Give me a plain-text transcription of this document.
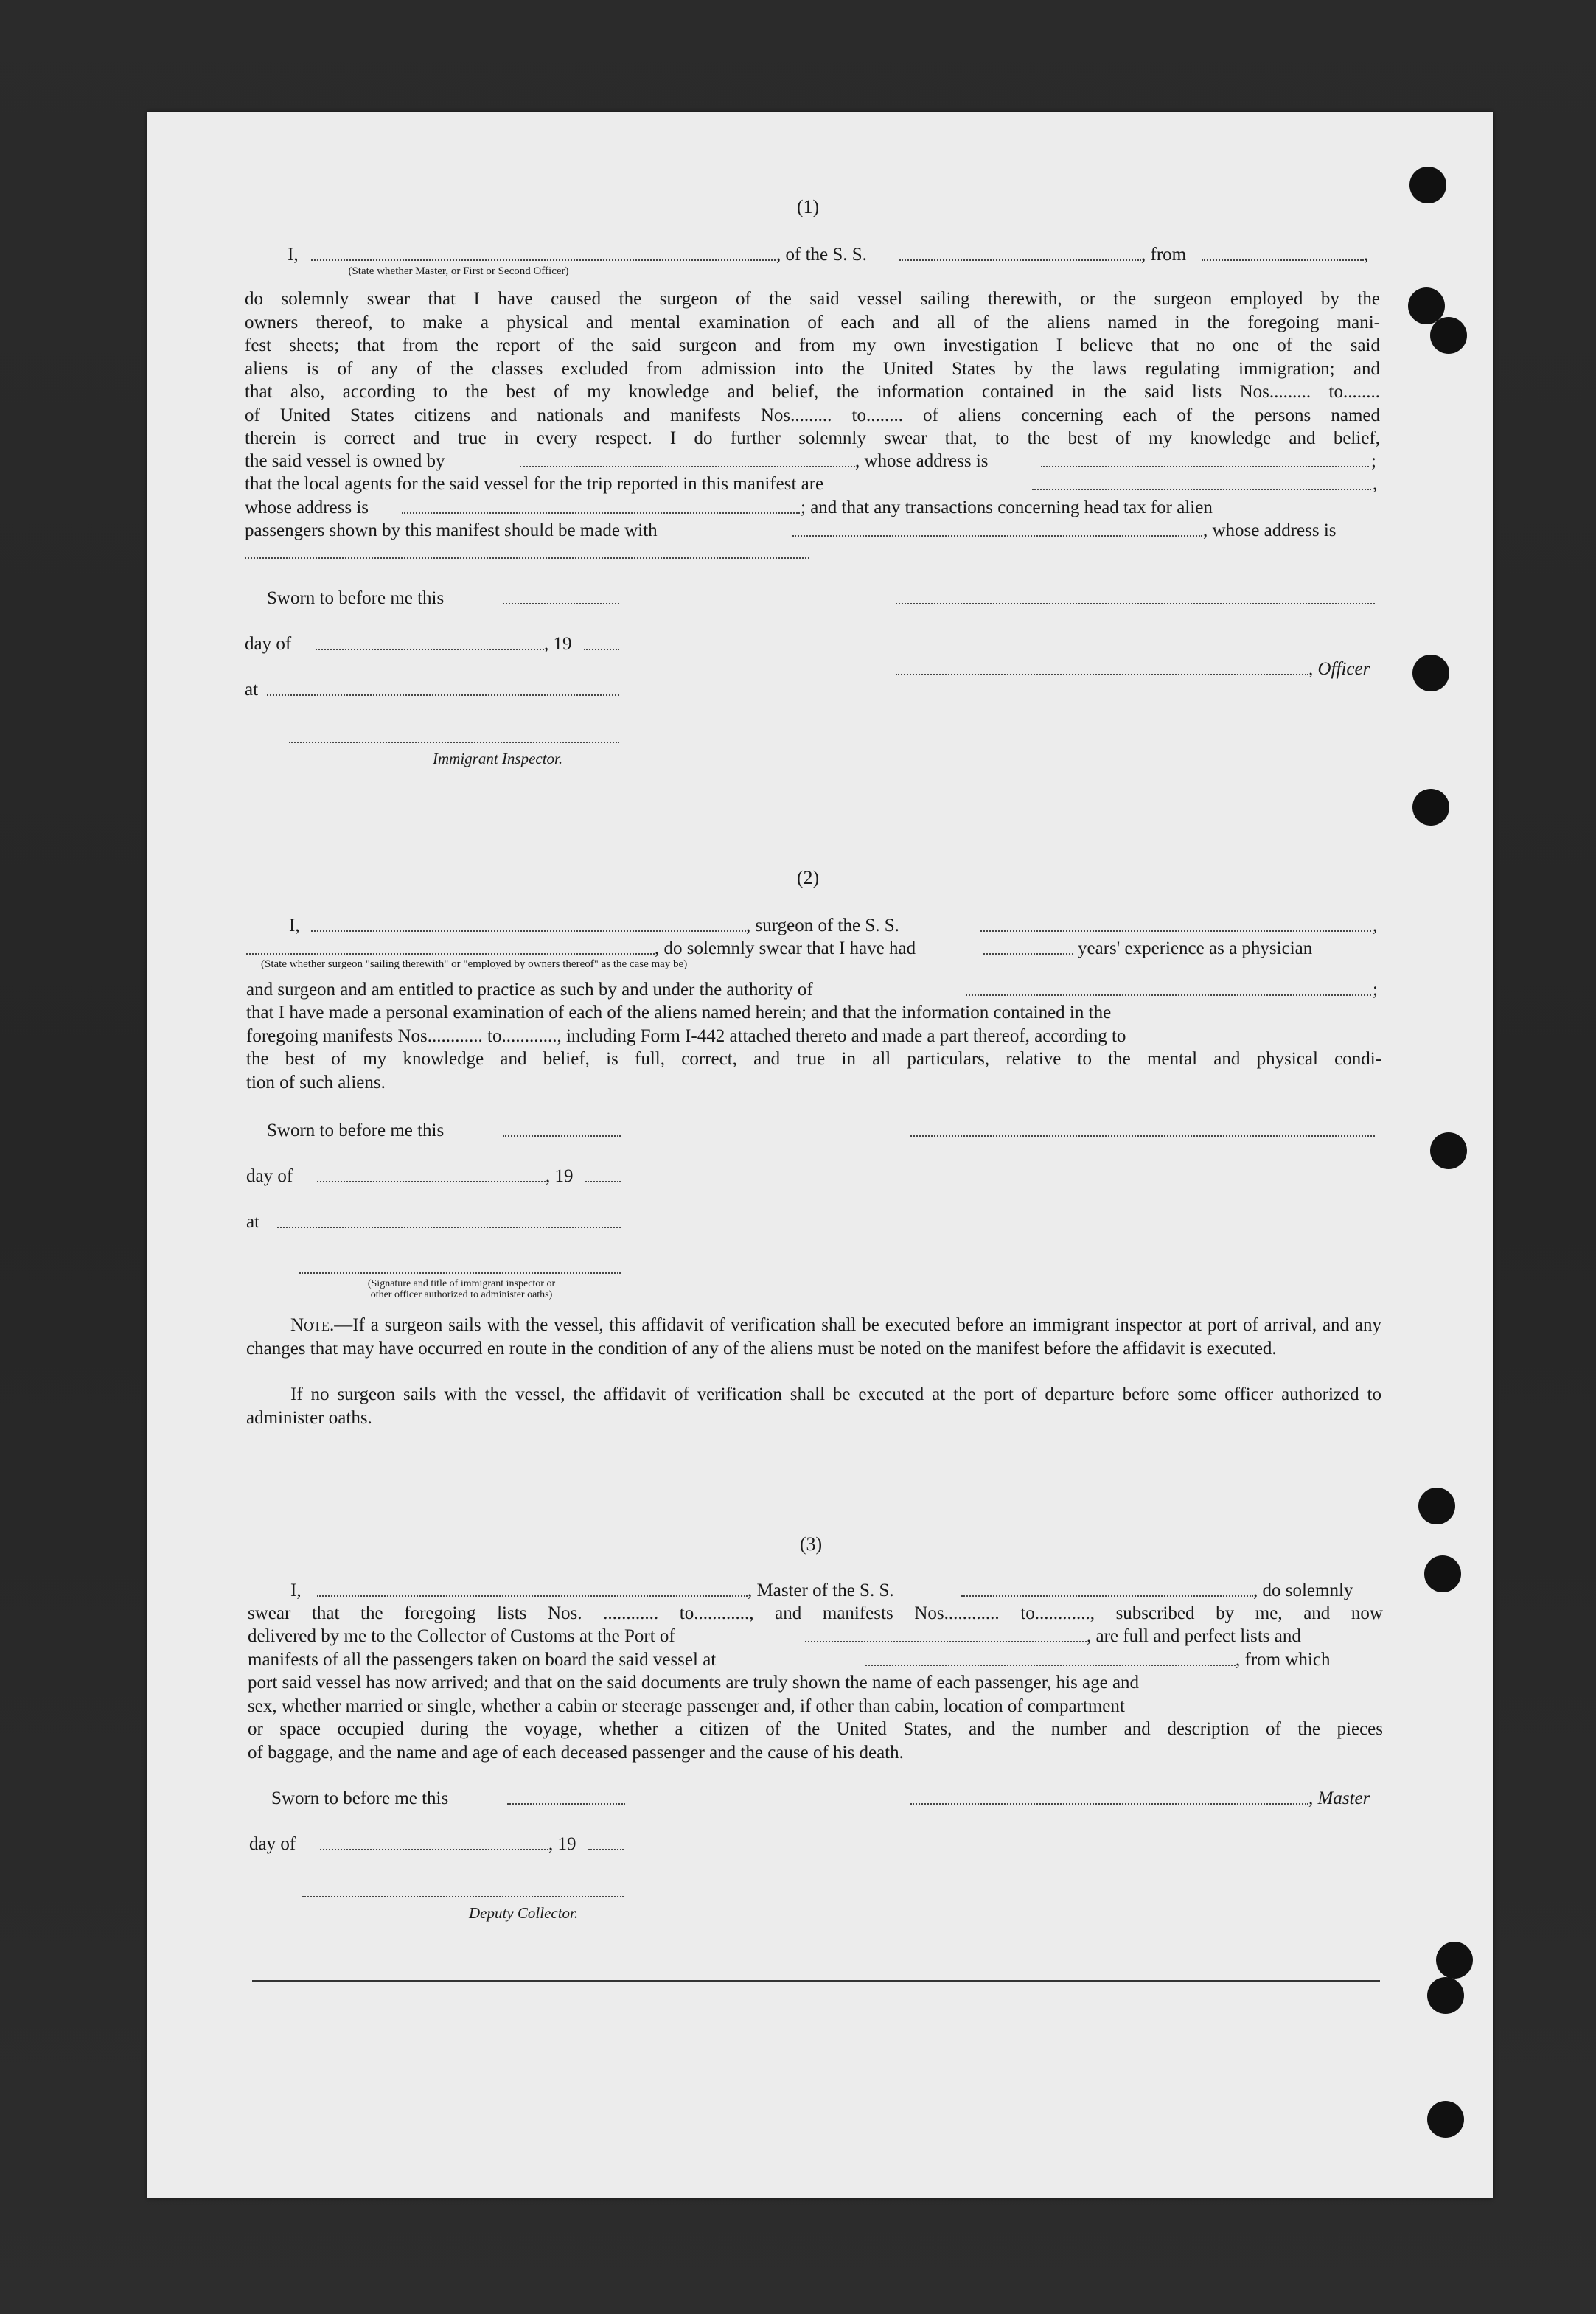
(1)
I,	, of the S. S.	, from	,
(State whether Master, or First or Second Officer)

do solemnly swear that I have caused the surgeon of the said vessel sailing therewith, or the surgeon employed by the

owners thereof, to make a physical and mental examination of each and all of the aliens named in the foregoing mani-

fest sheets; that from the report of the said surgeon and from my own investigation I believe that no one of the said

aliens is of any of the classes excluded from admission into the United States by the laws regulating immigration; and

that also, according to the best of my knowledge and belief, the information contained in the said lists Nos......... to........

of United States citizens and nationals and manifests Nos......... to........ of aliens concerning each of the persons named

therein is correct and true in every respect. I do further solemnly swear that, to the best of my knowledge and belief,

the said vessel is owned by	, whose address is	;
that the local agents for the said vessel for the trip reported in this manifest are	,
whose address is	; and that any transactions concerning head tax for alien
passengers shown by this manifest should be made with	, whose address is
Sworn to before me this
day of	, 19
at
, Officer
Immigrant Inspector.
(2)
I,	, surgeon of the S. S.	,
, do solemnly swear that I have had	years' experience as a physician
(State whether surgeon "sailing therewith" or "employed by owners thereof" as the case may be)
and surgeon and am entitled to practice as such by and under the authority of	;

that I have made a personal examination of each of the aliens named herein; and that the information contained in the

foregoing manifests Nos............ to............, including Form I-442 attached thereto and made a part thereof, according to

the best of my knowledge and belief, is full, correct, and true in all particulars, relative to the mental and physical condi-

tion of such aliens.

Sworn to before me this
day of	, 19
at
(Signature and title of immigrant inspector or
other officer authorized to administer oaths)

Note.—If a surgeon sails with the vessel, this affidavit of verification shall be executed before an immigrant inspector at port of arrival, and any changes that may have occurred en route in the condition of any of the aliens must be noted on the manifest before the affidavit is executed.

If no surgeon sails with the vessel, the affidavit of verification shall be executed at the port of departure before some officer authorized to administer oaths.

(3)
I,	, Master of the S. S.	, do solemnly

swear that the foregoing lists Nos. ............ to............, and manifests Nos............ to............, subscribed by me, and now

delivered by me to the Collector of Customs at the Port of	, are full and perfect lists and
manifests of all the passengers taken on board the said vessel at	, from which

port said vessel has now arrived; and that on the said documents are truly shown the name of each passenger, his age and

sex, whether married or single, whether a cabin or steerage passenger and, if other than cabin, location of compartment

or space occupied during the voyage, whether a citizen of the United States, and the number and description of the pieces

of baggage, and the name and age of each deceased passenger and the cause of his death.

Sworn to before me this	, Master
day of	, 19
Deputy Collector.
